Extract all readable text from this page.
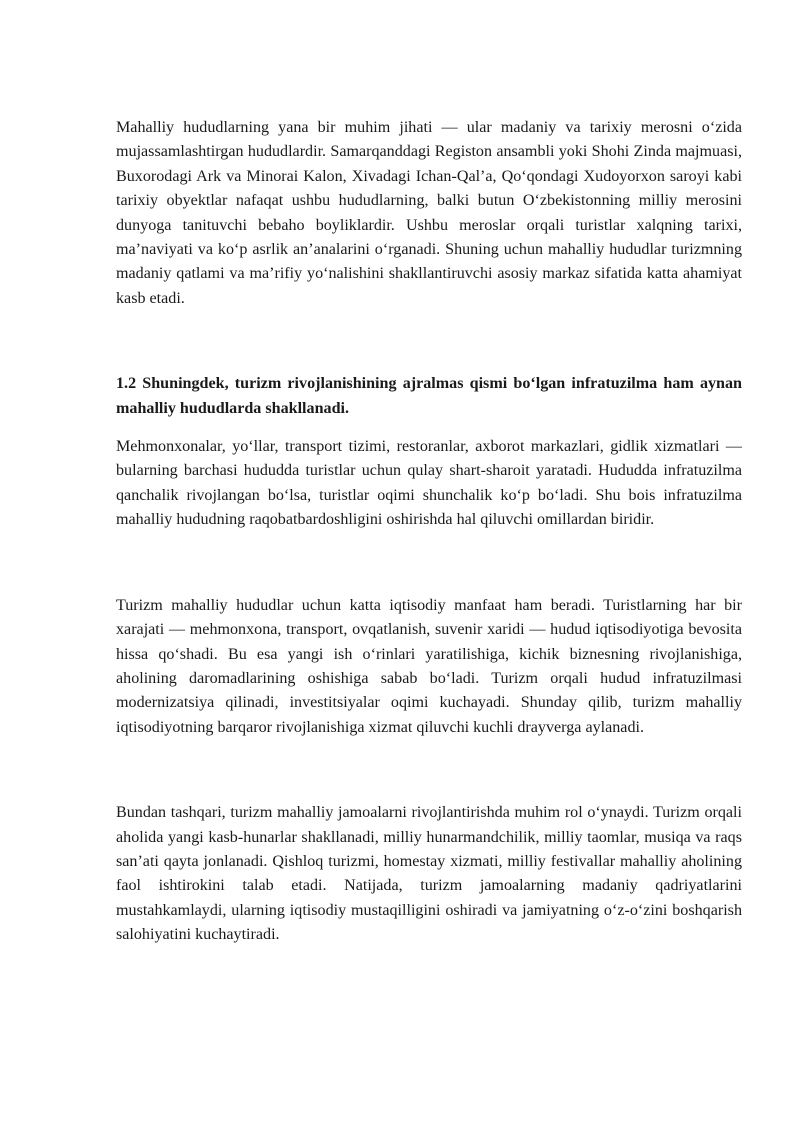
Mahalliy hududlarning yana bir muhim jihati — ular madaniy va tarixiy merosni o‘zida mujassamlashtirgan hududlardir. Samarqanddagi Registon ansambli yoki Shohi Zinda majmuasi, Buxorodagi Ark va Minorai Kalon, Xivadagi Ichan-Qal’a, Qo‘qondagi Xudoyorxon saroyi kabi tarixiy obyektlar nafaqat ushbu hududlarning, balki butun O‘zbekistonning milliy merosini dunyoga tanituvchi bebaho boyliklardir. Ushbu meroslar orqali turistlar xalqning tarixi, ma’naviyati va ko‘p asrlik an’analarini o‘rganadi. Shuning uchun mahalliy hududlar turizmning madaniy qatlami va ma’rifiy yo‘nalishini shakllantiruvchi asosiy markaz sifatida katta ahamiyat kasb etadi.

1.2 Shuningdek, turizm rivojlanishining ajralmas qismi bo‘lgan infratuzilma ham aynan mahalliy hududlarda shakllanadi.

Mehmonxonalar, yo‘llar, transport tizimi, restoranlar, axborot markazlari, gidlik xizmatlari — bularning barchasi hududda turistlar uchun qulay shart-sharoit yaratadi. Hududda infratuzilma qanchalik rivojlangan bo‘lsa, turistlar oqimi shunchalik ko‘p bo‘ladi. Shu bois infratuzilma mahalliy hududning raqobatbardoshligini oshirishda hal qiluvchi omillardan biridir.

Turizm mahalliy hududlar uchun katta iqtisodiy manfaat ham beradi. Turistlarning har bir xarajati — mehmonxona, transport, ovqatlanish, suvenir xaridi — hudud iqtisodiyotiga bevosita hissa qo‘shadi. Bu esa yangi ish o‘rinlari yaratilishiga, kichik biznesning rivojlanishiga, aholining daromadlarining oshishiga sabab bo‘ladi. Turizm orqali hudud infratuzilmasi modernizatsiya qilinadi, investitsiyalar oqimi kuchayadi. Shunday qilib, turizm mahalliy iqtisodiyotning barqaror rivojlanishiga xizmat qiluvchi kuchli drayverga aylanadi.

Bundan tashqari, turizm mahalliy jamoalarni rivojlantirishda muhim rol o‘ynaydi. Turizm orqali aholida yangi kasb-hunarlar shakllanadi, milliy hunarmandchilik, milliy taomlar, musiqa va raqs san’ati qayta jonlanadi. Qishloq turizmi, homestay xizmati, milliy festivallar mahalliy aholining faol ishtirokini talab etadi. Natijada, turizm jamoalarning madaniy qadriyatlarini mustahkamlaydi, ularning iqtisodiy mustaqilligini oshiradi va jamiyatning o‘z-o‘zini boshqarish salohiyatini kuchaytiradi.
